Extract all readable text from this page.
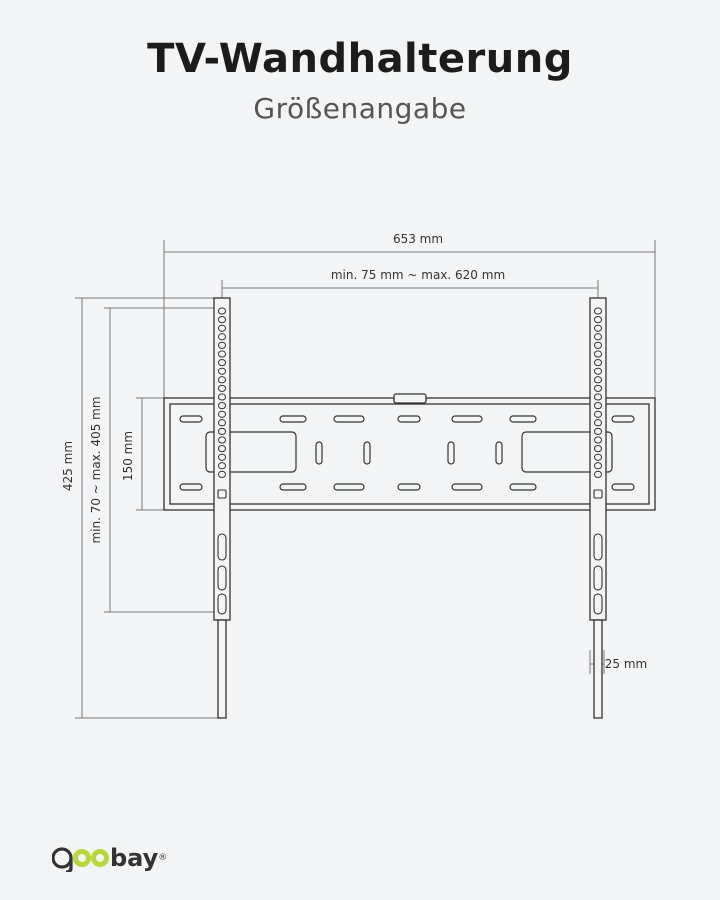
TV-Wandhalterung
Größenangabe
653 mm
min. 75 mm ~ max. 620 mm
425 mm min. 70 ~ max. 405 mm 150 mm
25 mm
bay ®
